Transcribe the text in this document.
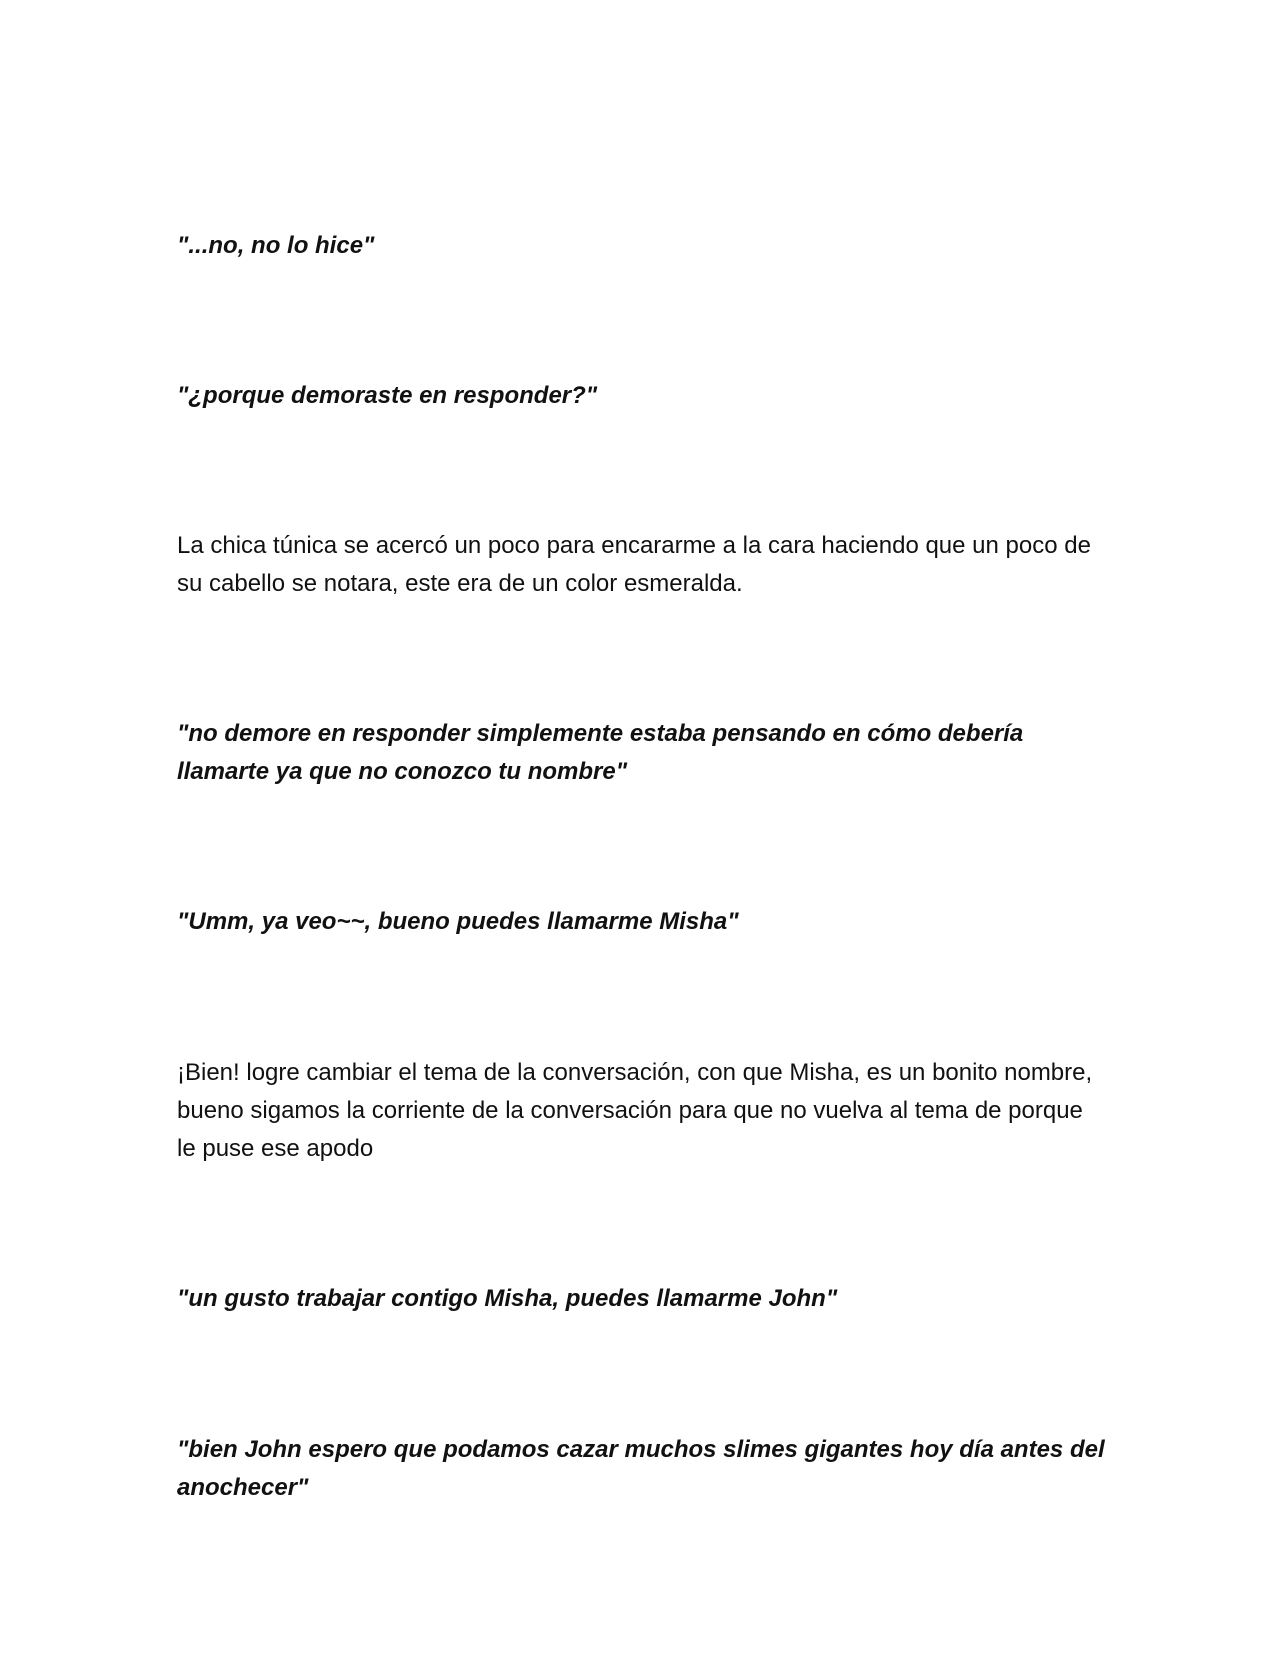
"...no, no lo hice"

"¿porque demoraste en responder?"

La chica túnica se acercó un poco para encararme a la cara haciendo que un poco de su cabello se notara, este era de un color esmeralda.

"no demore en responder simplemente estaba pensando en cómo debería llamarte ya que no conozco tu nombre"

"Umm, ya veo~~, bueno puedes llamarme Misha"

¡Bien! logre cambiar el tema de la conversación, con que Misha, es un bonito nombre, bueno sigamos la corriente de la conversación para que no vuelva al tema de porque le puse ese apodo

"un gusto trabajar contigo Misha, puedes llamarme John"

"bien John espero que podamos cazar muchos slimes gigantes hoy día antes del anochecer"
